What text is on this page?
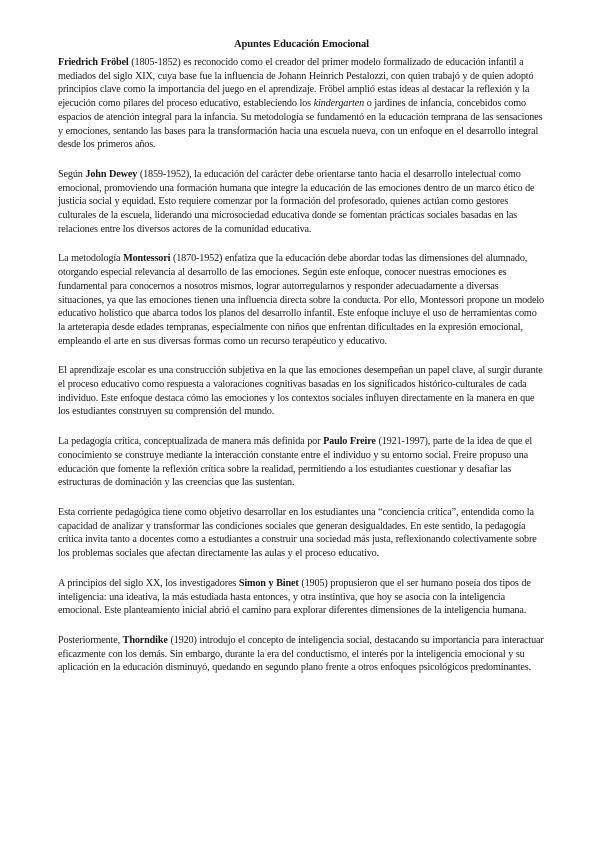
Apuntes Educación Emocional

Friedrich Fröbel (1805-1852) es reconocido como el creador del primer modelo formalizado de educación infantil a mediados del siglo XIX, cuya base fue la influencia de Johann Heinrich Pestalozzi, con quien trabajó y de quien adoptó principios clave como la importancia del juego en el aprendizaje. Fröbel amplió estas ideas al destacar la reflexión y la ejecución como pilares del proceso educativo, estableciendo los kindergarten o jardines de infancia, concebidos como espacios de atención integral para la infancia. Su metodología se fundamentó en la educación temprana de las sensaciones y emociones, sentando las bases para la transformación hacia una escuela nueva, con un enfoque en el desarrollo integral desde los primeros años.

Según John Dewey (1859-1952), la educación del carácter debe orientarse tanto hacia el desarrollo intelectual como emocional, promoviendo una formación humana que integre la educación de las emociones dentro de un marco ético de justicia social y equidad. Esto requiere comenzar por la formación del profesorado, quienes actúan como gestores culturales de la escuela, liderando una microsociedad educativa donde se fomentan prácticas sociales basadas en las relaciones entre los diversos actores de la comunidad educativa.

La metodología Montessori (1870-1952) enfatiza que la educación debe abordar todas las dimensiones del alumnado, otorgando especial relevancia al desarrollo de las emociones. Según este enfoque, conocer nuestras emociones es fundamental para conocernos a nosotros mismos, lograr autorregularnos y responder adecuadamente a diversas situaciones, ya que las emociones tienen una influencia directa sobre la conducta. Por ello, Montessori propone un modelo educativo holístico que abarca todos los planos del desarrollo infantil. Este enfoque incluye el uso de herramientas como la arteterapia desde edades tempranas, especialmente con niños que enfrentan dificultades en la expresión emocional, empleando el arte en sus diversas formas como un recurso terapéutico y educativo.

El aprendizaje escolar es una construcción subjetiva en la que las emociones desempeñan un papel clave, al surgir durante el proceso educativo como respuesta a valoraciones cognitivas basadas en los significados histórico-culturales de cada individuo. Este enfoque destaca cómo las emociones y los contextos sociales influyen directamente en la manera en que los estudiantes construyen su comprensión del mundo.

La pedagogía crítica, conceptualizada de manera más definida por Paulo Freire (1921-1997), parte de la idea de que el conocimiento se construye mediante la interacción constante entre el individuo y su entorno social. Freire propuso una educación que fomente la reflexión crítica sobre la realidad, permitiendo a los estudiantes cuestionar y desafiar las estructuras de dominación y las creencias que las sustentan.

Esta corriente pedagógica tiene como objetivo desarrollar en los estudiantes una “conciencia crítica”, entendida como la capacidad de analizar y transformar las condiciones sociales que generan desigualdades. En este sentido, la pedagogía crítica invita tanto a docentes como a estudiantes a construir una sociedad más justa, reflexionando colectivamente sobre los problemas sociales que afectan directamente las aulas y el proceso educativo.

A principios del siglo XX, los investigadores Simon y Binet (1905) propusieron que el ser humano poseía dos tipos de inteligencia: una ideativa, la más estudiada hasta entonces, y otra instintiva, que hoy se asocia con la inteligencia emocional. Este planteamiento inicial abrió el camino para explorar diferentes dimensiones de la inteligencia humana.

Posteriormente, Thorndike (1920) introdujo el concepto de inteligencia social, destacando su importancia para interactuar eficazmente con los demás. Sin embargo, durante la era del conductismo, el interés por la inteligencia emocional y su aplicación en la educación disminuyó, quedando en segundo plano frente a otros enfoques psicológicos predominantes.
